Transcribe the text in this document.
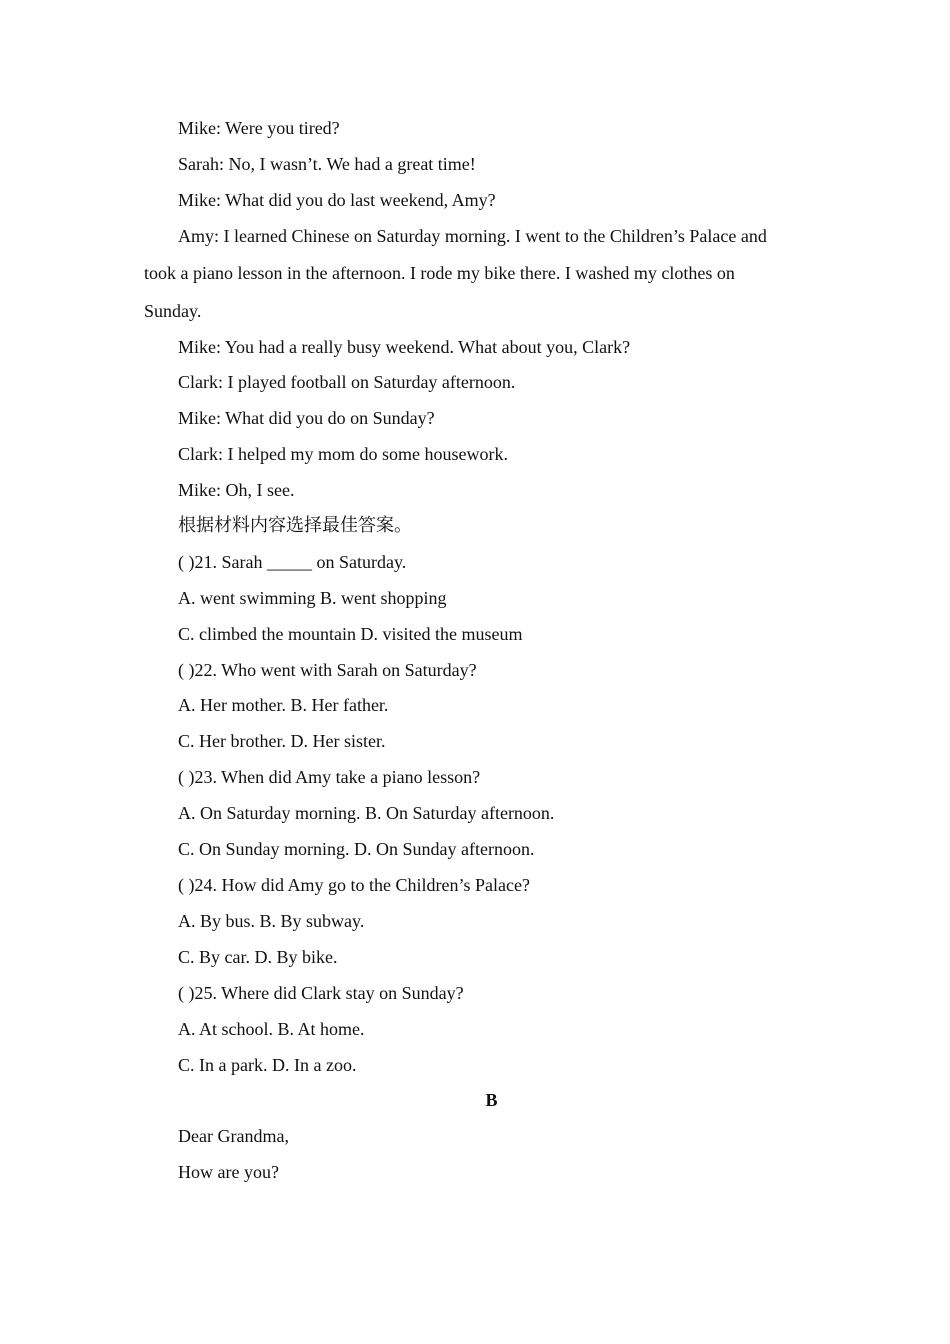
Mike: Were you tired?
Sarah: No, I wasn’t. We had a great time!
Mike: What did you do last weekend, Amy?
Amy: I learned Chinese on Saturday morning. I went to the Children’s Palace and
took a piano lesson in the afternoon. I rode my bike there. I washed my clothes on
Sunday.
Mike: You had a really busy weekend. What about you, Clark?
Clark: I played football on Saturday afternoon.
Mike: What did you do on Sunday?
Clark: I helped my mom do some housework.
Mike: Oh, I see.
根据材料内容选择最佳答案。
( )21. Sarah _____ on Saturday.
A. went swimming B. went shopping
C. climbed the mountain D. visited the museum
( )22. Who went with Sarah on Saturday?
A. Her mother. B. Her father.
C. Her brother. D. Her sister.
( )23. When did Amy take a piano lesson?
A. On Saturday morning. B. On Saturday afternoon.
C. On Sunday morning. D. On Sunday afternoon.
( )24. How did Amy go to the Children’s Palace?
A. By bus. B. By subway.
C. By car. D. By bike.
( )25. Where did Clark stay on Sunday?
A. At school. B. At home.
C. In a park. D. In a zoo.
B
Dear Grandma,
How are you?
